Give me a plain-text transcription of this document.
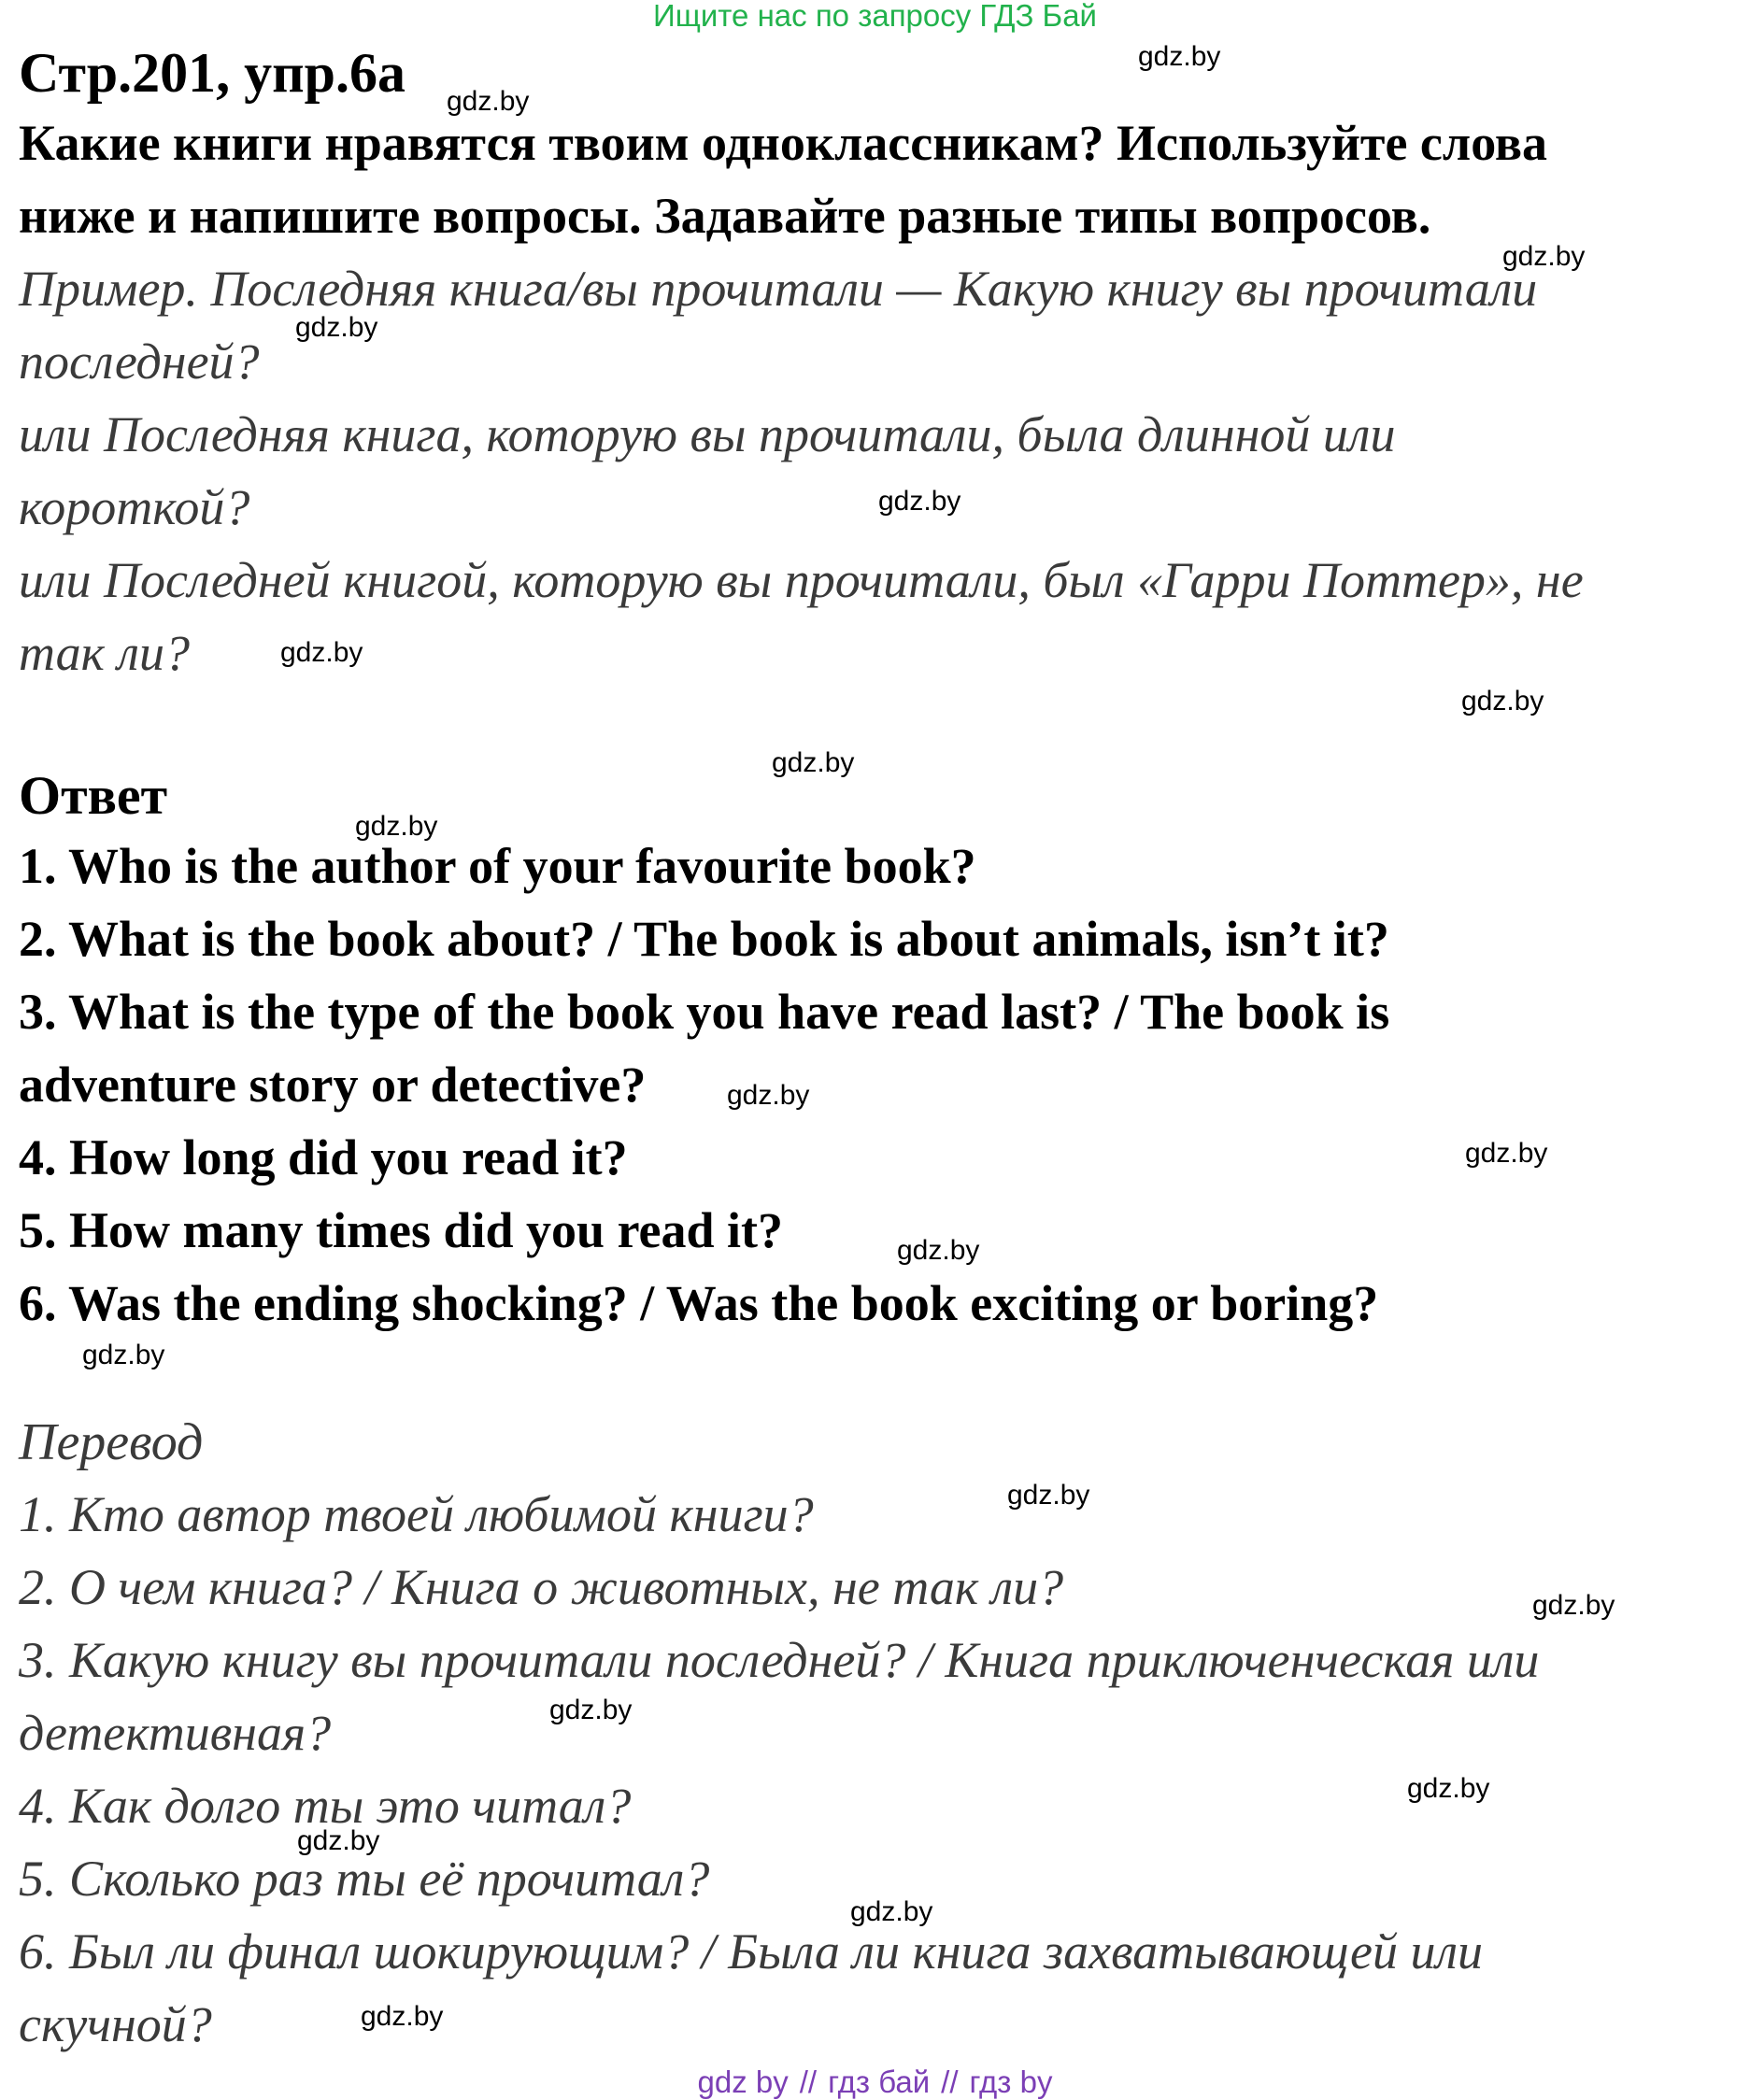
Ищите нас по запросу ГДЗ Бай
Стр.201, упр.6а
Какие книги нравятся твоим одноклассникам? Используйте слова
ниже и напишите вопросы. Задавайте разные типы вопросов.
Пример. Последняя книга/вы прочитали — Какую книгу вы прочитали
последней?
или Последняя книга, которую вы прочитали, была длинной или
короткой?
или Последней книгой, которую вы прочитали, был «Гарри Поттер», не
так ли?
Ответ
1. Who is the author of your favourite book?
2. What is the book about? / The book is about animals, isn’t it?
3. What is the type of the book you have read last? / The book is
adventure story or detective?
4. How long did you read it?
5. How many times did you read it?
6. Was the ending shocking? / Was the book exciting or boring?
Перевод
1. Кто автор твоей любимой книги?
2. О чем книга? / Книга о животных, не так ли?
3. Какую книгу вы прочитали последней? / Книга приключенческая или
детективная?
4. Как долго ты это читал?
5. Сколько раз ты её прочитал?
6. Был ли финал шокирующим? / Была ли книга захватывающей или
скучной?
gdz.by
gdz.by
gdz.by
gdz.by
gdz.by
gdz.by
gdz.by
gdz.by
gdz.by
gdz.by
gdz.by
gdz.by
gdz.by
gdz.by
gdz.by
gdz.by
gdz.by
gdz.by
gdz.by
gdz.by
gdz by // гдз бай // гдз by
